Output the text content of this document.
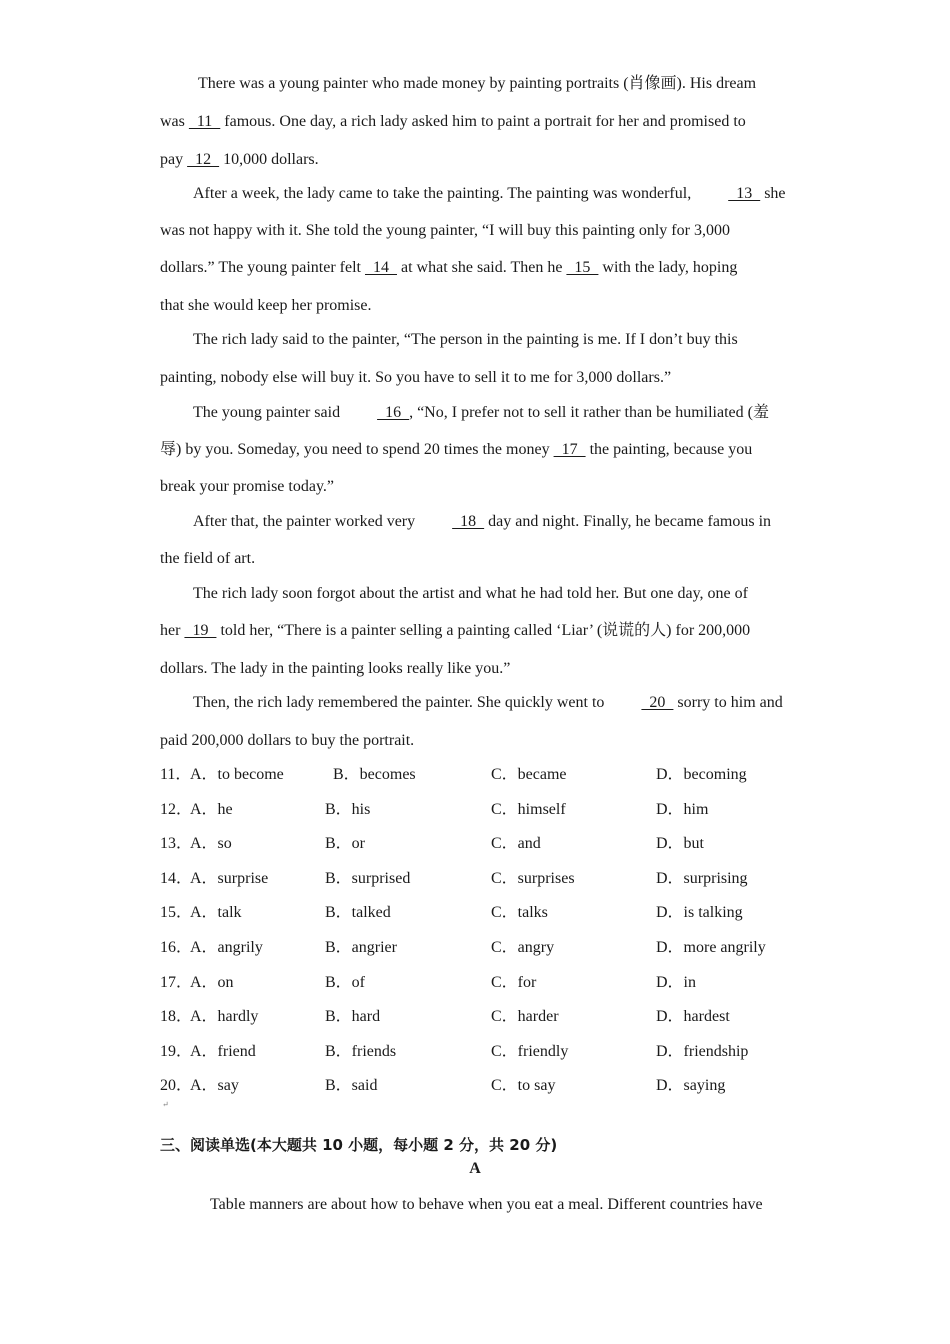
There was a young painter who made money by painting portraits (肖像画). His dream
was   11   famous. One day, a rich lady asked him to paint a portrait for her and promised to
pay   12   10,000 dollars.
After a week, the lady came to take the painting. The painting was wonderful,   13   she
was not happy with it. She told the young painter, “I will buy this painting only for 3,000
dollars.” The young painter felt   14   at what she said. Then he   15   with the lady, hoping
that she would keep her promise.
The rich lady said to the painter, “The person in the painting is me. If I don’t buy this
painting, nobody else will buy it. So you have to sell it to me for 3,000 dollars.”
The young painter said   16  , “No, I prefer not to sell it rather than be humiliated (羞
辱) by you. Someday, you need to spend 20 times the money   17   the painting, because you
break your promise today.”
After that, the painter worked very   18   day and night. Finally, he became famous in
the field of art.
The rich lady soon forgot about the artist and what he had told her. But one day, one of
her   19   told her, “There is a painter selling a painting called ‘Liar’ (说谎的人) for 200,000
dollars. The lady in the painting looks really like you.”
Then, the rich lady remembered the painter. She quickly went to   20   sorry to him and
paid 200,000 dollars to buy the portrait.
11．
A．to become	B．becomes	C．became	D．becoming
12．
A．he	B．his	C．himself	D．him
13．
A．so	B．or	C．and	D．but
14．
A．surprise	B．surprised	C．surprises	D．surprising
15．
A．talk	B．talked	C．talks	D．is talking
16．
A．angrily	B．angrier	C．angry	D．more angrily
17．
A．on	B．of	C．for	D．in
18．
A．hardly	B．hard	C．harder	D．hardest
19．
A．friend	B．friends	C．friendly	D．friendship
20．
A．say	B．said	C．to say	D．saying
↵
三、阅读单选(本大题共 10 小题，每小题 2 分，共 20 分)
A
Table manners are about how to behave when you eat a meal. Different countries have
